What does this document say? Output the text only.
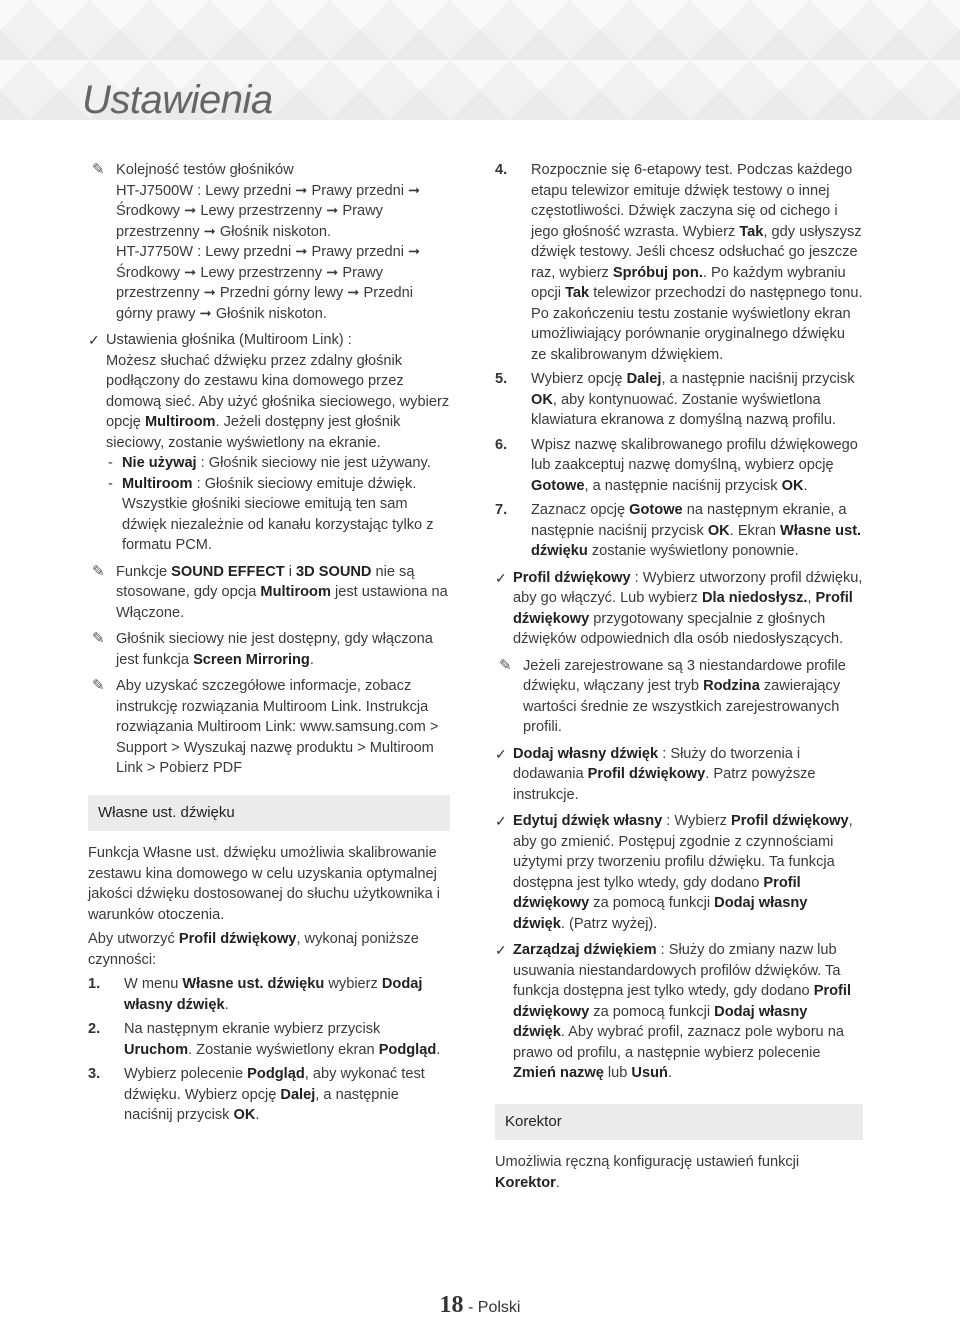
Ustawienia
✎ Kolejność testów głośników
HT-J7500W : Lewy przedni ➞ Prawy przedni ➞ Środkowy ➞ Lewy przestrzenny ➞ Prawy przestrzenny ➞ Głośnik niskoton.
HT-J7750W : Lewy przedni ➞ Prawy przedni ➞ Środkowy ➞ Lewy przestrzenny ➞ Prawy przestrzenny ➞ Przedni górny lewy ➞ Przedni górny prawy ➞ Głośnik niskoton.
✓ Ustawienia głośnika (Multiroom Link) :
Możesz słuchać dźwięku przez zdalny głośnik podłączony do zestawu kina domowego przez domową sieć. Aby użyć głośnika sieciowego, wybierz opcję Multiroom. Jeżeli dostępny jest głośnik sieciowy, zostanie wyświetlony na ekranie.
- Nie używaj : Głośnik sieciowy nie jest używany.
- Multiroom : Głośnik sieciowy emituje dźwięk. Wszystkie głośniki sieciowe emitują ten sam dźwięk niezależnie od kanału korzystając tylko z formatu PCM.
✎ Funkcje SOUND EFFECT i 3D SOUND nie są stosowane, gdy opcja Multiroom jest ustawiona na Włączone.
✎ Głośnik sieciowy nie jest dostępny, gdy włączona jest funkcja Screen Mirroring.
✎ Aby uzyskać szczegółowe informacje, zobacz instrukcję rozwiązania Multiroom Link. Instrukcja rozwiązania Multiroom Link: www.samsung.com > Support > Wyszukaj nazwę produktu > Multiroom Link > Pobierz PDF
Własne ust. dźwięku

Funkcja Własne ust. dźwięku umożliwia skalibrowanie zestawu kina domowego w celu uzyskania optymalnej jakości dźwięku dostosowanej do słuchu użytkownika i warunków otoczenia.

Aby utworzyć Profil dźwiękowy, wykonaj poniższe czynności:

1. W menu Własne ust. dźwięku wybierz Dodaj własny dźwięk.
2. Na następnym ekranie wybierz przycisk Uruchom. Zostanie wyświetlony ekran Podgląd.
3. Wybierz polecenie Podgląd, aby wykonać test dźwięku. Wybierz opcję Dalej, a następnie naciśnij przycisk OK.
4. Rozpocznie się 6-etapowy test. Podczas każdego etapu telewizor emituje dźwięk testowy o innej częstotliwości. Dźwięk zaczyna się od cichego i jego głośność wzrasta. Wybierz Tak, gdy usłyszysz dźwięk testowy. Jeśli chcesz odsłuchać go jeszcze raz, wybierz Spróbuj pon.. Po każdym wybraniu opcji Tak telewizor przechodzi do następnego tonu. Po zakończeniu testu zostanie wyświetlony ekran umożliwiający porównanie oryginalnego dźwięku ze skalibrowanym dźwiękiem.
5. Wybierz opcję Dalej, a następnie naciśnij przycisk OK, aby kontynuować. Zostanie wyświetlona klawiatura ekranowa z domyślną nazwą profilu.
6. Wpisz nazwę skalibrowanego profilu dźwiękowego lub zaakceptuj nazwę domyślną, wybierz opcję Gotowe, a następnie naciśnij przycisk OK.
7. Zaznacz opcję Gotowe na następnym ekranie, a następnie naciśnij przycisk OK. Ekran Własne ust. dźwięku zostanie wyświetlony ponownie.
✓ Profil dźwiękowy : Wybierz utworzony profil dźwięku, aby go włączyć. Lub wybierz Dla niedosłysz., Profil dźwiękowy przygotowany specjalnie z głośnych dźwięków odpowiednich dla osób niedosłyszących.
✎ Jeżeli zarejestrowane są 3 niestandardowe profile dźwięku, włączany jest tryb Rodzina zawierający wartości średnie ze wszystkich zarejestrowanych profili.
✓ Dodaj własny dźwięk : Służy do tworzenia i dodawania Profil dźwiękowy. Patrz powyższe instrukcje.
✓ Edytuj dźwięk własny : Wybierz Profil dźwiękowy, aby go zmienić. Postępuj zgodnie z czynnościami użytymi przy tworzeniu profilu dźwięku. Ta funkcja dostępna jest tylko wtedy, gdy dodano Profil dźwiękowy za pomocą funkcji Dodaj własny dźwięk. (Patrz wyżej).
✓ Zarządzaj dźwiękiem : Służy do zmiany nazw lub usuwania niestandardowych profilów dźwięków. Ta funkcja dostępna jest tylko wtedy, gdy dodano Profil dźwiękowy za pomocą funkcji Dodaj własny dźwięk. Aby wybrać profil, zaznacz pole wyboru na prawo od profilu, a następnie wybierz polecenie Zmień nazwę lub Usuń.
Korektor

Umożliwia ręczną konfigurację ustawień funkcji Korektor.

18 - Polski
